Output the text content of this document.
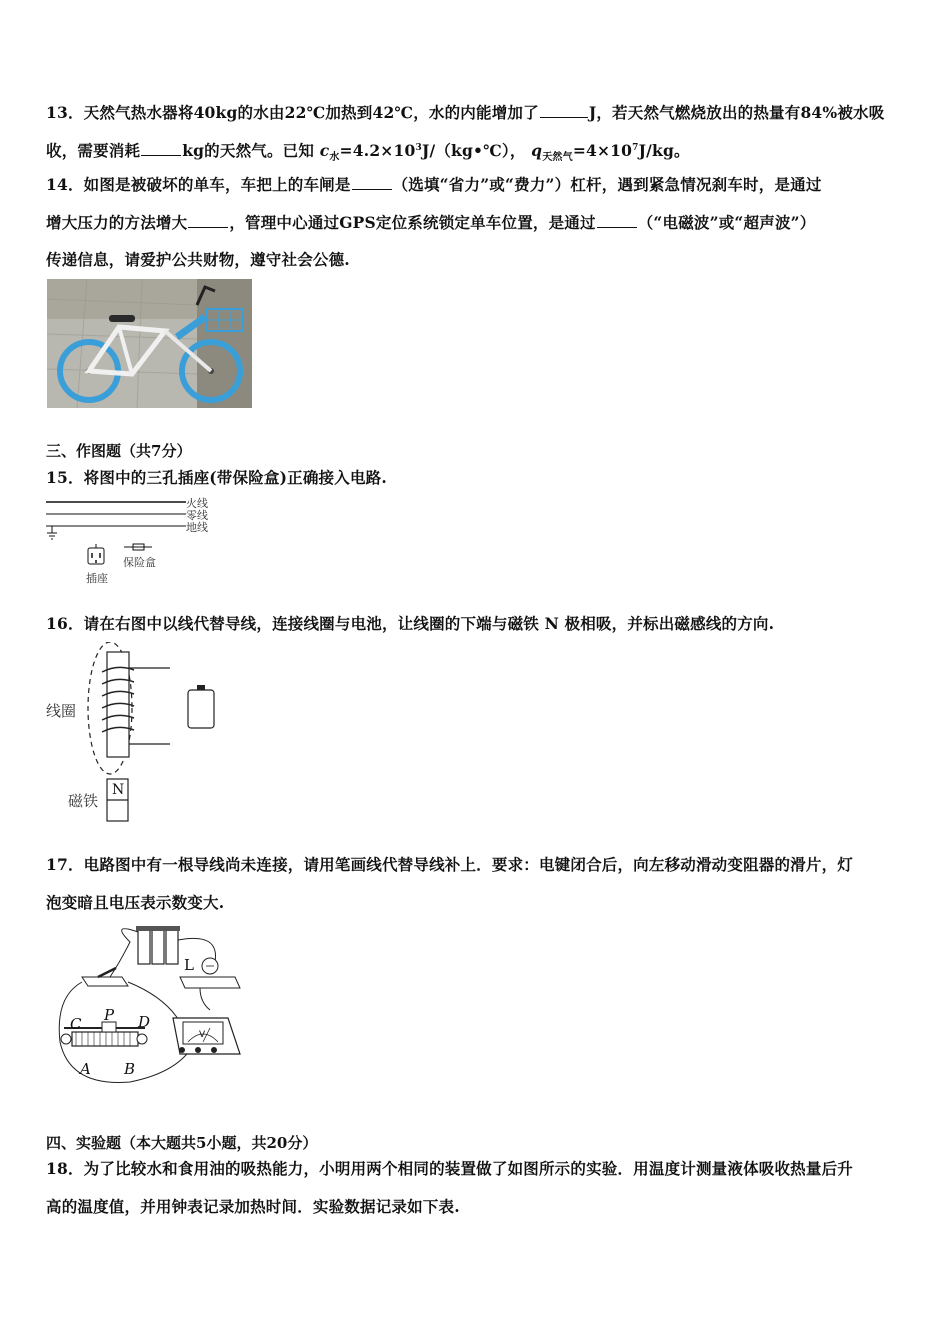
13．天然气热水器将40kg的水由22℃加热到42℃，水的内能增加了	J，若天然气燃烧放出的热量有84%被水吸
收，需要消耗	kg的天然气。已知 $c_水=4.2\times 10^3J/(kg•℃)$， $q_{天然气}=4\times 10^7J/kg$。
14．如图是被破坏的单车，车把上的车闸是	（选填“省力”或“费力”）杠杆，遇到紧急情况刹车时，是通过
增大压力的方法增大	，管理中心通过GPS定位系统锁定单车位置，是通过	（“电磁波”或“超声波”）
传递信息，请爱护公共财物，遵守社会公德.
三、作图题（共7分）
15．将图中的三孔插座(带保险盒)正确接入电路.
火线
零线
地线
插座
保险盒
16．请在右图中以线代替导线，连接线圈与电池，让线圈的下端与磁铁 N 极相吸，并标出磁感线的方向.
线圈
磁铁
N
17．电路图中有一根导线尚未连接，请用笔画线代替导线补上．要求：电键闭合后，向左移动滑动变阻器的滑片，灯
泡变暗且电压表示数变大.
L
C P D
A B
V
四、实验题（本大题共5小题，共20分）
18．为了比较水和食用油的吸热能力，小明用两个相同的装置做了如图所示的实验．用温度计测量液体吸收热量后升
高的温度值，并用钟表记录加热时间．实验数据记录如下表.
